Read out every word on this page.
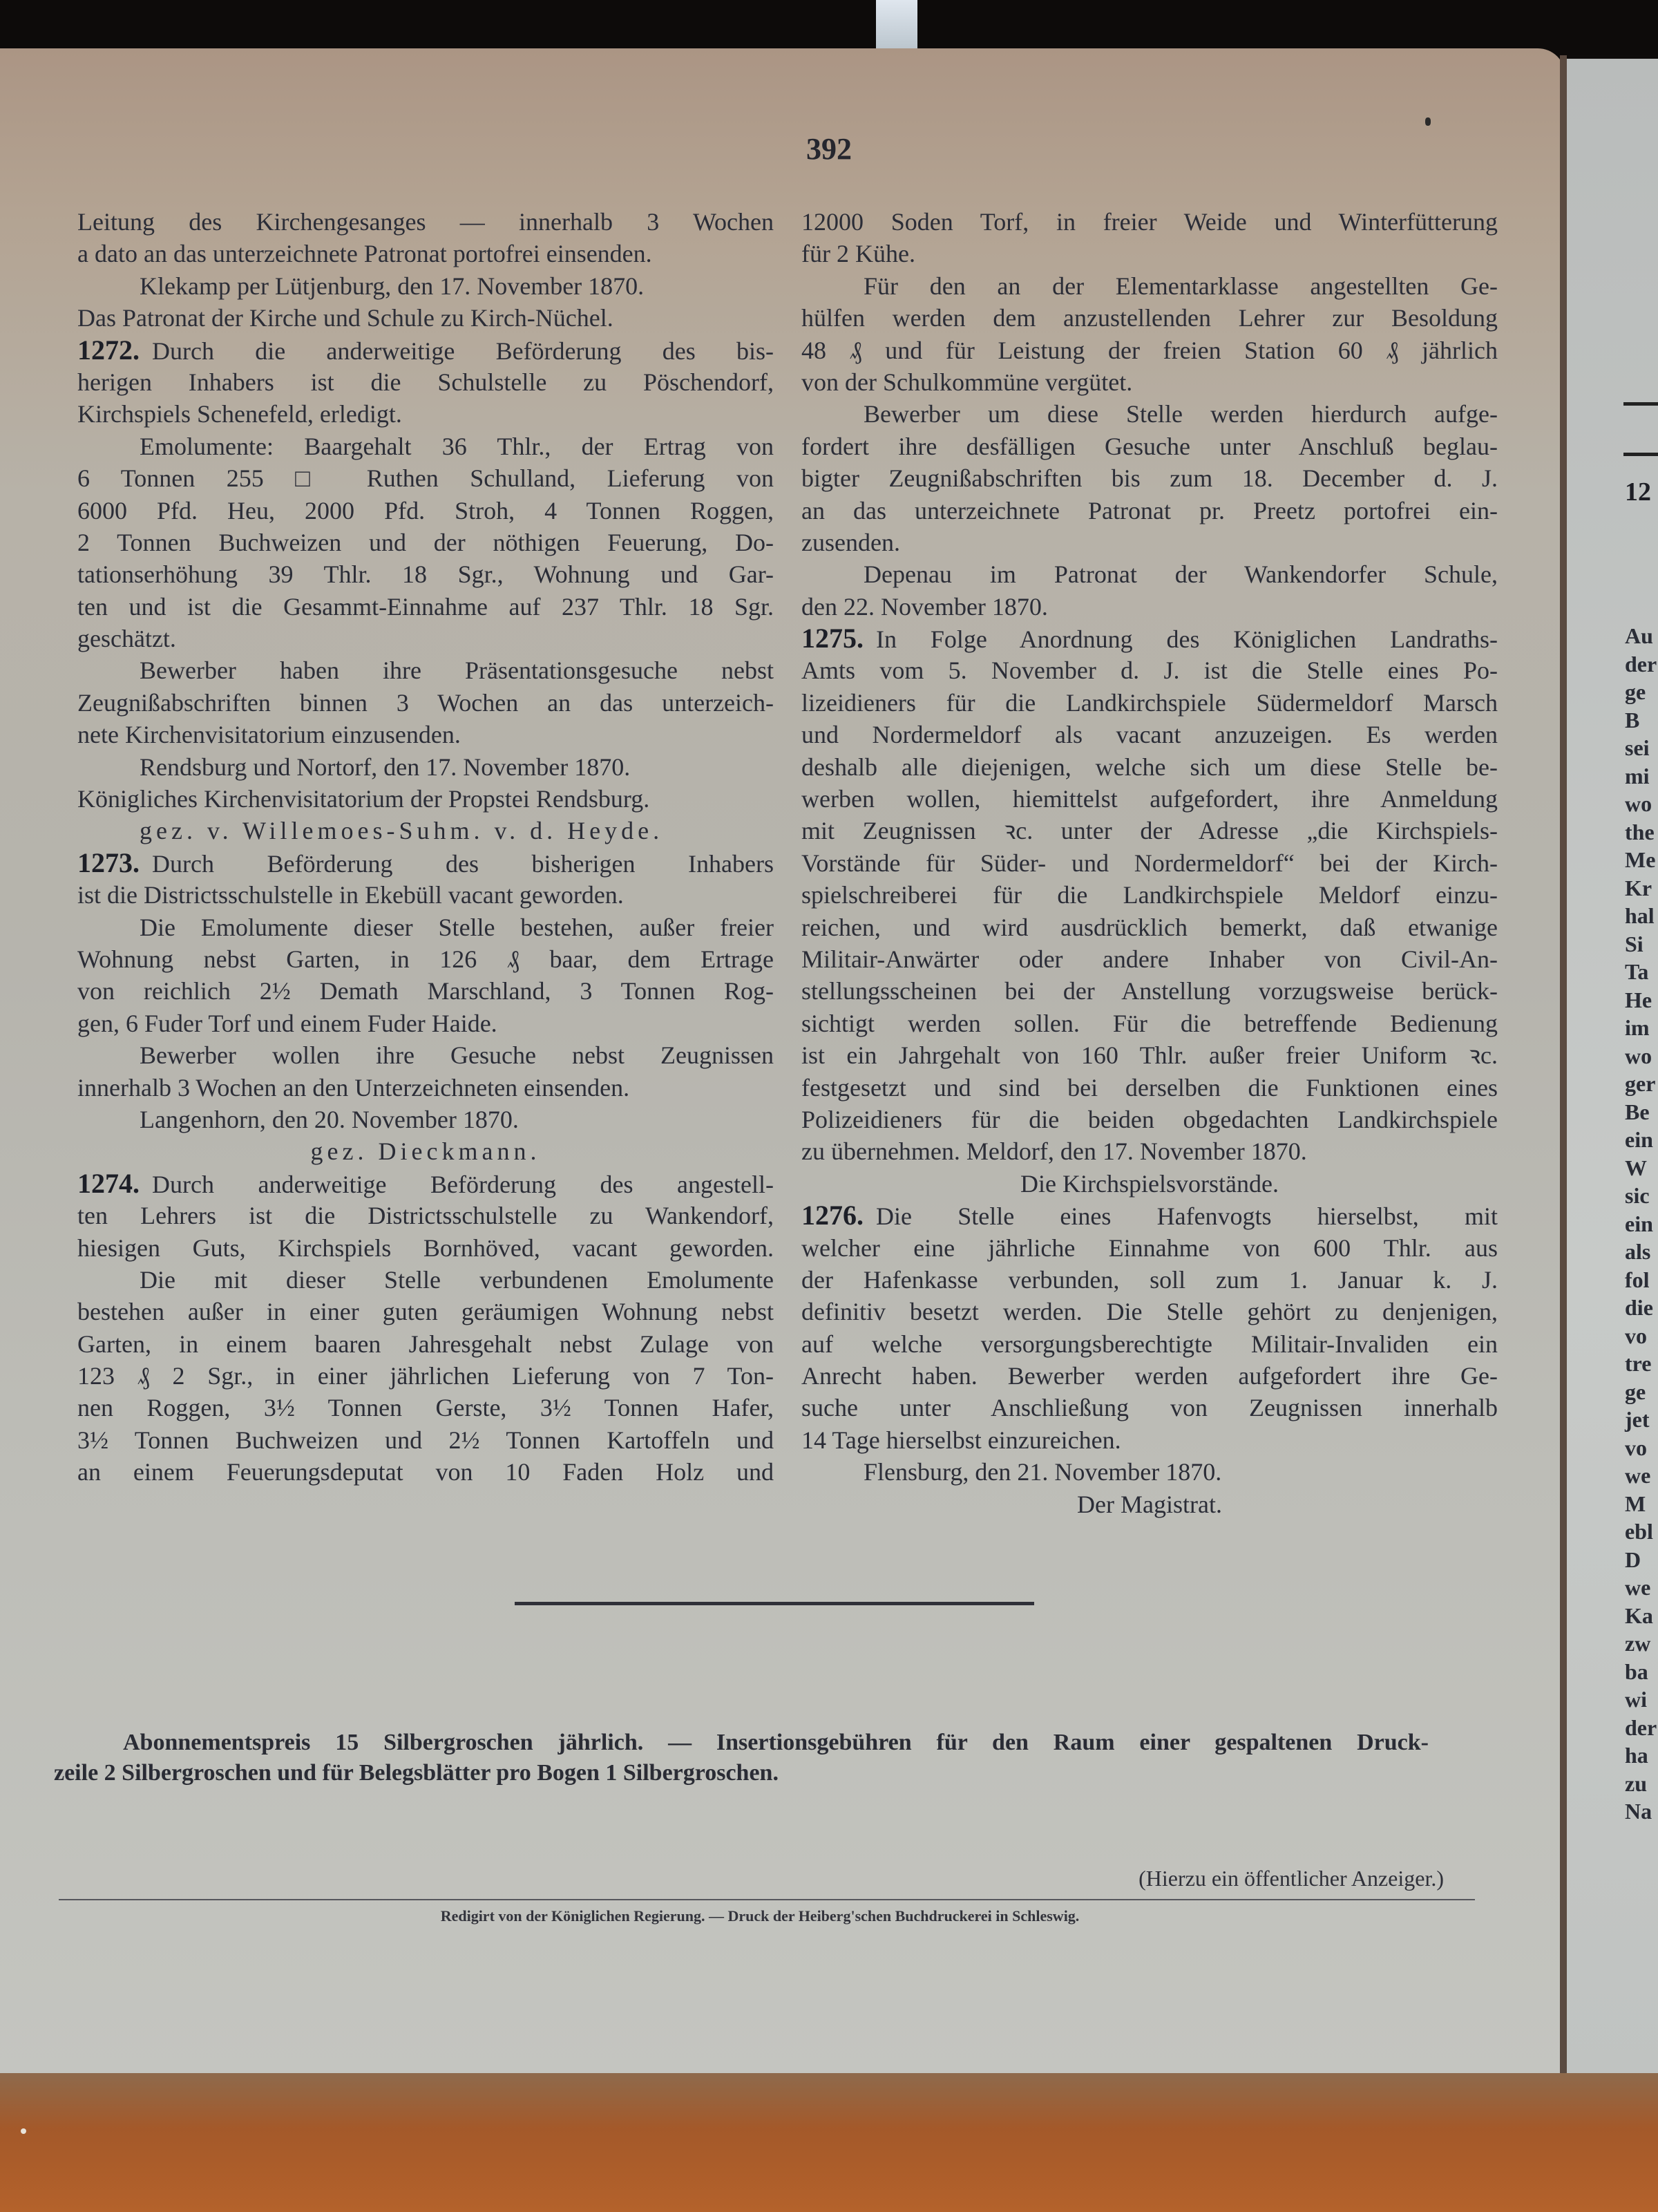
392
Leitung des Kirchengesanges — innerhalb 3 Wochen
a dato an das unterzeichnete Patronat portofrei einsenden.
Klekamp per Lütjenburg, den 17. November 1870.
Das Patronat der Kirche und Schule zu Kirch-Nüchel.
1272. Durch die anderweitige Beförderung des bis-
herigen Inhabers ist die Schulstelle zu Pöschendorf,
Kirchspiels Schenefeld, erledigt.
Emolumente: Baargehalt 36 Thlr., der Ertrag von
6 Tonnen 255 □ Ruthen Schulland, Lieferung von
6000 Pfd. Heu, 2000 Pfd. Stroh, 4 Tonnen Roggen,
2 Tonnen Buchweizen und der nöthigen Feuerung, Do-
tationserhöhung 39 Thlr. 18 Sgr., Wohnung und Gar-
ten und ist die Gesammt-Einnahme auf 237 Thlr. 18 Sgr.
geschätzt.
Bewerber haben ihre Präsentationsgesuche nebst
Zeugnißabschriften binnen 3 Wochen an das unterzeich-
nete Kirchenvisitatorium einzusenden.
Rendsburg und Nortorf, den 17. November 1870.
Königliches Kirchenvisitatorium der Propstei Rendsburg.
gez. v. Willemoes-Suhm. v. d. Heyde.
1273. Durch Beförderung des bisherigen Inhabers
ist die Districtsschulstelle in Ekebüll vacant geworden.
Die Emolumente dieser Stelle bestehen, außer freier
Wohnung nebst Garten, in 126 ₰ baar, dem Ertrage
von reichlich 2½ Demath Marschland, 3 Tonnen Rog-
gen, 6 Fuder Torf und einem Fuder Haide.
Bewerber wollen ihre Gesuche nebst Zeugnissen
innerhalb 3 Wochen an den Unterzeichneten einsenden.
Langenhorn, den 20. November 1870.
gez. Dieckmann.
1274. Durch anderweitige Beförderung des angestell-
ten Lehrers ist die Districtsschulstelle zu Wankendorf,
hiesigen Guts, Kirchspiels Bornhöved, vacant geworden.
Die mit dieser Stelle verbundenen Emolumente
bestehen außer in einer guten geräumigen Wohnung nebst
Garten, in einem baaren Jahresgehalt nebst Zulage von
123 ₰ 2 Sgr., in einer jährlichen Lieferung von 7 Ton-
nen Roggen, 3½ Tonnen Gerste, 3½ Tonnen Hafer,
3½ Tonnen Buchweizen und 2½ Tonnen Kartoffeln und
an einem Feuerungsdeputat von 10 Faden Holz und
12000 Soden Torf, in freier Weide und Winterfütterung
für 2 Kühe.
Für den an der Elementarklasse angestellten Ge-
hülfen werden dem anzustellenden Lehrer zur Besoldung
48 ₰ und für Leistung der freien Station 60 ₰ jährlich
von der Schulkommüne vergütet.
Bewerber um diese Stelle werden hierdurch aufge-
fordert ihre desfälligen Gesuche unter Anschluß beglau-
bigter Zeugnißabschriften bis zum 18. December d. J.
an das unterzeichnete Patronat pr. Preetz portofrei ein-
zusenden.
Depenau im Patronat der Wankendorfer Schule,
den 22. November 1870.
1275. In Folge Anordnung des Königlichen Landraths-
Amts vom 5. November d. J. ist die Stelle eines Po-
lizeidieners für die Landkirchspiele Südermeldorf Marsch
und Nordermeldorf als vacant anzuzeigen. Es werden
deshalb alle diejenigen, welche sich um diese Stelle be-
werben wollen, hiemittelst aufgefordert, ihre Anmeldung
mit Zeugnissen ꝛc. unter der Adresse „die Kirchspiels-
Vorstände für Süder- und Nordermeldorf“ bei der Kirch-
spielschreiberei für die Landkirchspiele Meldorf einzu-
reichen, und wird ausdrücklich bemerkt, daß etwanige
Militair-Anwärter oder andere Inhaber von Civil-An-
stellungsscheinen bei der Anstellung vorzugsweise berück-
sichtigt werden sollen. Für die betreffende Bedienung
ist ein Jahrgehalt von 160 Thlr. außer freier Uniform ꝛc.
festgesetzt und sind bei derselben die Funktionen eines
Polizeidieners für die beiden obgedachten Landkirchspiele
zu übernehmen. Meldorf, den 17. November 1870.
Die Kirchspielsvorstände.
1276. Die Stelle eines Hafenvogts hierselbst, mit
welcher eine jährliche Einnahme von 600 Thlr. aus
der Hafenkasse verbunden, soll zum 1. Januar k. J.
definitiv besetzt werden. Die Stelle gehört zu denjenigen,
auf welche versorgungsberechtigte Militair-Invaliden ein
Anrecht haben. Bewerber werden aufgefordert ihre Ge-
suche unter Anschließung von Zeugnissen innerhalb
14 Tage hierselbst einzureichen.
Flensburg, den 21. November 1870.
Der Magistrat.
Abonnementspreis 15 Silbergroschen jährlich. — Insertionsgebühren für den Raum einer gespaltenen Druck-
zeile 2 Silbergroschen und für Belegsblätter pro Bogen 1 Silbergroschen.
(Hierzu ein öffentlicher Anzeiger.)
Redigirt von der Königlichen Regierung. — Druck der Heiberg'schen Buchdruckerei in Schleswig.
12
Au
der
ge
B
sei
mi
wo
the
Me
Kr
hal
Si
Ta
He
im
wo
ger
Be
ein
W
sic
ein
als
fol
die
vo
tre
ge
jet
vo
we
M
ebl
D
we
Ka
zw
ba
wi
der
ha
zu
Na
